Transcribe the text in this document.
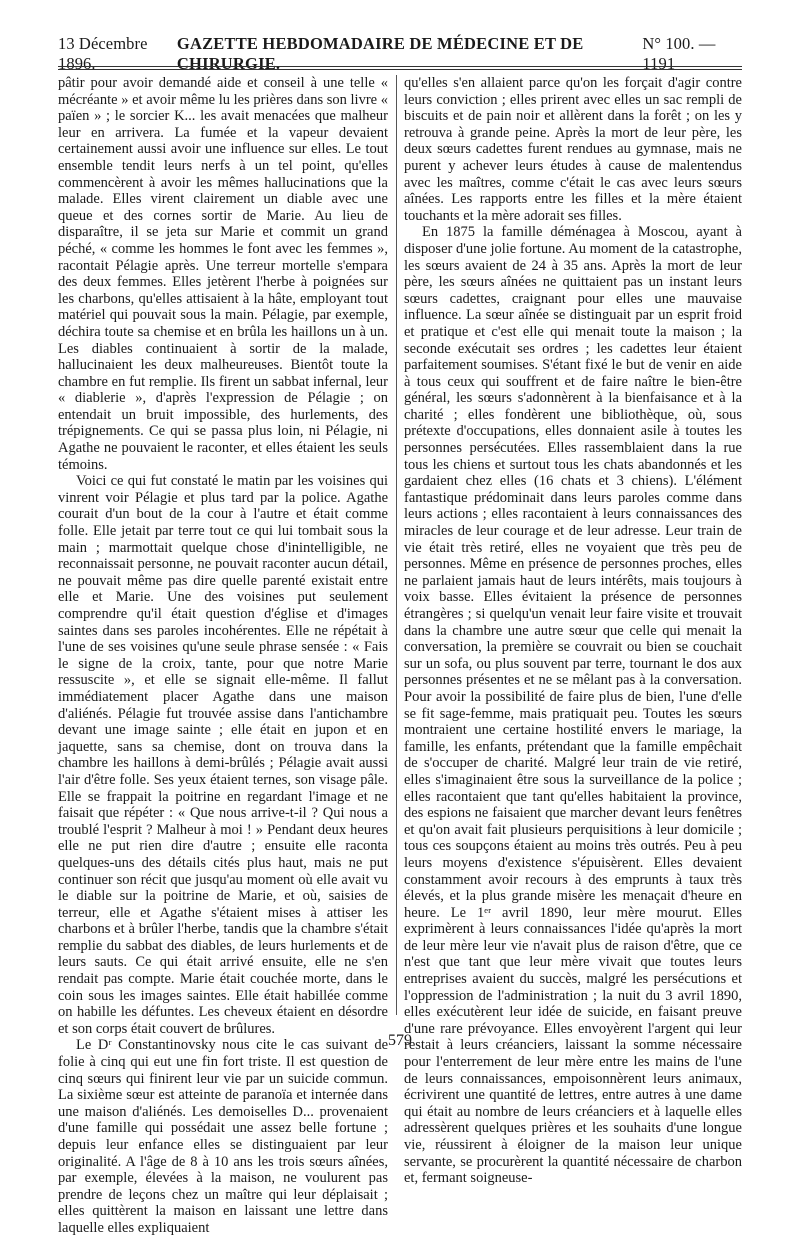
13 Décembre 1896.
GAZETTE HEBDOMADAIRE DE MÉDECINE ET DE CHIRURGIE.
N° 100. — 1191

pâtir pour avoir demandé aide et conseil à une telle « mécréante » et avoir même lu les prières dans son livre « païen » ; le sorcier K... les avait menacées que malheur leur en arrivera. La fumée et la vapeur devaient certainement aussi avoir une influence sur elles. Le tout ensemble tendit leurs nerfs à un tel point, qu'elles commencèrent à avoir les mêmes hallucinations que la malade. Elles virent clairement un diable avec une queue et des cornes sortir de Marie. Au lieu de disparaître, il se jeta sur Marie et commit un grand péché, « comme les hommes le font avec les femmes », racontait Pélagie après. Une terreur mortelle s'empara des deux femmes. Elles jetèrent l'herbe à poignées sur les charbons, qu'elles attisaient à la hâte, employant tout matériel qui pouvait sous la main. Pélagie, par exemple, déchira toute sa chemise et en brûla les haillons un à un. Les diables continuaient à sortir de la malade, hallucinaient les deux malheureuses. Bientôt toute la chambre en fut remplie. Ils firent un sabbat infernal, leur « diablerie », d'après l'expression de Pélagie ; on entendait un bruit impossible, des hurlements, des trépignements. Ce qui se passa plus loin, ni Pélagie, ni Agathe ne pouvaient le raconter, et elles étaient les seuls témoins.

Voici ce qui fut constaté le matin par les voisines qui vinrent voir Pélagie et plus tard par la police. Agathe courait d'un bout de la cour à l'autre et était comme folle. Elle jetait par terre tout ce qui lui tombait sous la main ; marmottait quelque chose d'inintelligible, ne reconnaissait personne, ne pouvait raconter aucun détail, ne pouvait même pas dire quelle parenté existait entre elle et Marie. Une des voisines put seulement comprendre qu'il était question d'église et d'images saintes dans ses paroles incohérentes. Elle ne répétait à l'une de ses voisines qu'une seule phrase sensée : « Fais le signe de la croix, tante, pour que notre Marie ressuscite », et elle se signait elle-même. Il fallut immédiatement placer Agathe dans une maison d'aliénés. Pélagie fut trouvée assise dans l'antichambre devant une image sainte ; elle était en jupon et en jaquette, sans sa chemise, dont on trouva dans la chambre les haillons à demi-brûlés ; Pélagie avait aussi l'air d'être folle. Ses yeux étaient ternes, son visage pâle. Elle se frappait la poitrine en regardant l'image et ne faisait que répéter : « Que nous arrive-t-il ? Qui nous a troublé l'esprit ? Malheur à moi ! » Pendant deux heures elle ne put rien dire d'autre ; ensuite elle raconta quelques-uns des détails cités plus haut, mais ne put continuer son récit que jusqu'au moment où elle avait vu le diable sur la poitrine de Marie, et où, saisies de terreur, elle et Agathe s'étaient mises à attiser les charbons et à brûler l'herbe, tandis que la chambre s'était remplie du sabbat des diables, de leurs hurlements et de leurs sauts. Ce qui était arrivé ensuite, elle ne s'en rendait pas compte. Marie était couchée morte, dans le coin sous les images saintes. Elle était habillée comme on habille les défuntes. Les cheveux étaient en désordre et son corps était couvert de brûlures.

Le Dʳ Constantinovsky nous cite le cas suivant de folie à cinq qui eut une fin fort triste. Il est question de cinq sœurs qui finirent leur vie par un suicide commun. La sixième sœur est atteinte de paranoïa et internée dans une maison d'aliénés. Les demoiselles D... provenaient d'une famille qui possédait une assez belle fortune ; depuis leur enfance elles se distinguaient par leur originalité. A l'âge de 8 à 10 ans les trois sœurs aînées, par exemple, élevées à la maison, ne voulurent pas prendre de leçons chez un maître qui leur déplaisait ; elles quittèrent la maison en laissant une lettre dans laquelle elles expliquaient

qu'elles s'en allaient parce qu'on les forçait d'agir contre leurs conviction ; elles prirent avec elles un sac rempli de biscuits et de pain noir et allèrent dans la forêt ; on les y retrouva à grande peine. Après la mort de leur père, les deux sœurs cadettes furent rendues au gymnase, mais ne purent y achever leurs études à cause de malentendus avec les maîtres, comme c'était le cas avec leurs sœurs aînées. Les rapports entre les filles et la mère étaient touchants et la mère adorait ses filles.

En 1875 la famille déménagea à Moscou, ayant à disposer d'une jolie fortune. Au moment de la catastrophe, les sœurs avaient de 24 à 35 ans. Après la mort de leur père, les sœurs aînées ne quittaient pas un instant leurs sœurs cadettes, craignant pour elles une mauvaise influence. La sœur aînée se distinguait par un esprit froid et pratique et c'est elle qui menait toute la maison ; la seconde exécutait ses ordres ; les cadettes leur étaient parfaitement soumises. S'étant fixé le but de venir en aide à tous ceux qui souffrent et de faire naître le bien-être général, les sœurs s'adonnèrent à la bienfaisance et à la charité ; elles fondèrent une bibliothèque, où, sous prétexte d'occupations, elles donnaient asile à toutes les personnes persécutées. Elles rassemblaient dans la rue tous les chiens et surtout tous les chats abandonnés et les gardaient chez elles (16 chats et 3 chiens). L'élément fantastique prédominait dans leurs paroles comme dans leurs actions ; elles racontaient à leurs connaissances des miracles de leur courage et de leur adresse. Leur train de vie était très retiré, elles ne voyaient que très peu de personnes. Même en présence de personnes proches, elles ne parlaient jamais haut de leurs intérêts, mais toujours à voix basse. Elles évitaient la présence de personnes étrangères ; si quelqu'un venait leur faire visite et trouvait dans la chambre une autre sœur que celle qui menait la conversation, la première se couvrait ou bien se couchait sur un sofa, ou plus souvent par terre, tournant le dos aux personnes présentes et ne se mêlant pas à la conversation. Pour avoir la possibilité de faire plus de bien, l'une d'elle se fit sage-femme, mais pratiquait peu. Toutes les sœurs montraient une certaine hostilité envers le mariage, la famille, les enfants, prétendant que la famille empêchait de s'occuper de charité. Malgré leur train de vie retiré, elles s'imaginaient être sous la surveillance de la police ; elles racontaient que tant qu'elles habitaient la province, des espions ne faisaient que marcher devant leurs fenêtres et qu'on avait fait plusieurs perquisitions à leur domicile ; tous ces soupçons étaient au moins très outrés. Peu à peu leurs moyens d'existence s'épuisèrent. Elles devaient constamment avoir recours à des emprunts à taux très élevés, et la plus grande misère les menaçait d'heure en heure. Le 1ᵉʳ avril 1890, leur mère mourut. Elles exprimèrent à leurs connaissances l'idée qu'après la mort de leur mère leur vie n'avait plus de raison d'être, que ce n'est que tant que leur mère vivait que toutes leurs entreprises avaient du succès, malgré les persécutions et l'oppression de l'administration ; la nuit du 3 avril 1890, elles exécutèrent leur idée de suicide, en faisant preuve d'une rare prévoyance. Elles envoyèrent l'argent qui leur restait à leurs créanciers, laissant la somme nécessaire pour l'enterrement de leur mère entre les mains de l'une de leurs connaissances, empoisonnèrent leurs animaux, écrivirent une quantité de lettres, entre autres à une dame qui était au nombre de leurs créanciers et à laquelle elles adressèrent quelques prières et les souhaits d'une longue vie, réussirent à éloigner de la maison leur unique servante, se procurèrent la quantité nécessaire de charbon et, fermant soigneuse-

579
